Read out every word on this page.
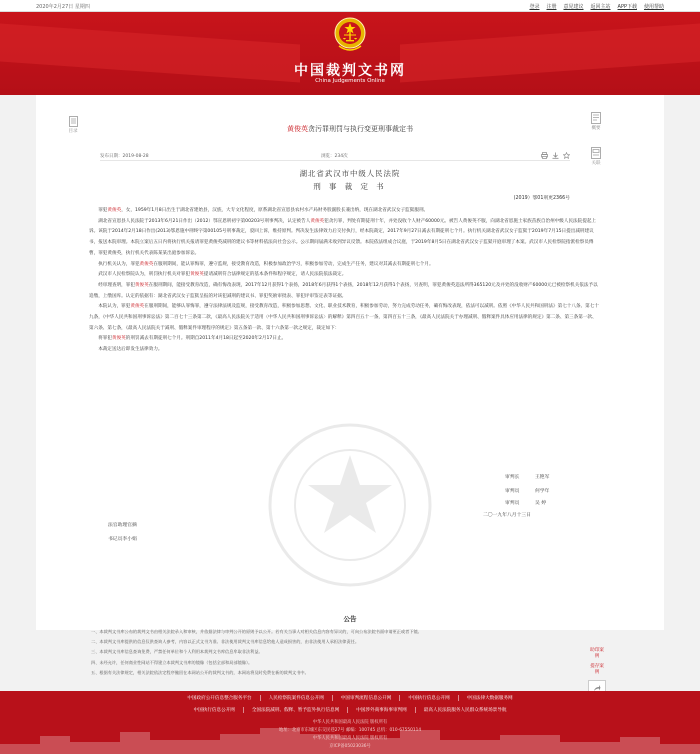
2020年2月27日 星期四	登录 注册 意见建议 返回主站 APP下载 使用帮助
中国裁判文书网
China Judgements Online
目录
概要
关联
黄俊英贪污罪刑罚与执行变更刑事裁定书
发布日期：2019-08-28	浏览：234次
湖北省武汉市中级人民法院
刑 事 裁 定 书
(2019）鄂01刑更2366号

罪犯黄俊英，女，1959年1月8日出生于湖北省建始县，汉族，大专文化程度，原系湖北省宣恩县农村水产局财务股副股长兼出纳，现在湖北省武汉女子监狱服刑。

湖北省宣恩县人民法院于2013年6月21日作出（2012）鄂宣恩刑初字第00203号刑事判决，认定被告人黄俊英犯贪污罪，判处有期徒刑十年，并处没收个人财产60000元。被告人黄俊英不服，向湖北省恩施土家族苗族自治州中级人民法院提起上诉。该院于2014年2月18日作出(2013)鄂恩施中刑终字第00105号刑事裁定，驳回上诉，维持原判。判决发生法律效力后交付执行，经本院裁定，2017年9月27日减去有期徒刑七个月。执行机关湖北省武汉女子监狱于2019年7月15日提出减刑建议书，报送本院审理。本院立案后五日内将执行机关报请罪犯黄俊英减刑的建议书等材料依法向社会公示。公示期间届满未收到异议反馈。本院依法组成合议庭，于2019年8月5日在湖北省武汉女子监狱开庭审理了本案。武汉市人民检察院指派检察员傅曹，罪犯黄俊英，执行机关代表陈某某出庭参加诉讼。

执行机关认为，罪犯黄俊英在服刑期间，能认罪悔罪，遵守监规，接受教育改造，积极参加政治学习，积极参加劳动，完成生产任务，建议对其减去有期徒刑七个月。

武汉市人民检察院认为，刑罚执行机关对罪犯黄俊英提请减刑符合法律规定的基本条件和程序规定，请人民法院依法裁定。

经审理查明，罪犯黄俊英在服刑期间，能接受教育改造，确有悔改表现，2017年12月获得1个表扬，2018年6月获得1个表扬，2018年12月获得1个表扬，另查明，罪犯黄俊英违法所得365120元及并处的没收财产60000元已被检察机关依法予以追缴，上缴国库。认定的依据有：湖北省武汉女子监狱呈报的对该犯减刑的建议书、罪犯奖励审批表、罪犯评审鉴定表等证据。

本院认为，罪犯黄俊英在服刑期间，能够认罪悔罪，遵守法律法规及监规，接受教育改造，积极参加思想、文化、职业技术教育，积极参加劳动，努力完成劳动任务，确有悔改表现，依法可以减刑。依照《中华人民共和国刑法》第七十八条、第七十九条，《中华人民共和国刑事诉讼法》第二百七十三条第二款，《最高人民法院关于适用〈中华人民共和国刑事诉讼法〉的解释》第四百五十一条，第四百五十三条，《最高人民法院关于办理减刑、假释案件具体应用法律的规定》第二条、第三条第一款、第六条、第七条，《最高人民法院关于减刑、假释案件审理程序的规定》第五条第一款、第十六条第一款之规定，裁定如下：

将罪犯黄俊英的刑罚减去有期徒刑七个月。刑期自2011年4月18日起至2020年2月17日止。

本裁定送达后即发生法律效力。

审判长	王艳军
审判员	何学年
审判员	吴 婷
二〇一九年八月十三日
法官助理官摘
书记员李小娟
公告
一、本裁判文书库公布的裁判文书由相关法院录入和审核，并依据法律与审判公开的原则予以公开。若有关当事人对相关信息内容有异议的，可向公布法院书面申请更正或者下镜。
二、本裁判文书库提供的信息仅供查询人参考，内容以正式文书为准。非法使用裁判文书库信息给他人造成损害的，由非法使用人承担法律责任。
三、本裁判文书库信息查询免费，严禁任何单位和个人利用本裁判文书库信息牟取非法利益。
四、未经允许，任何商业性网站不得建立本裁判文书库的镜像（包括全部和局部镜像）。
五、根据有关法律规定，相关法院依法定程序撤回在本网站公开的裁判文书的，本网站将及时免费在新的裁判文书中。
助印案例
提存案例
中国政府公开信息整合服务平台	人民检察院案件信息公开网	中国审判流程信息公开网	中国执行信息公开网	中国法律大数据服务网
中国执行信息公开网	全国法院减刑、假释、暂予监外执行信息网	中国涉外商事海事审判网	最高人民法院服务人民群众系统场景导航
中华人民共和国最高人民法院 版权所有
地址：北京市东城区东交民巷27号 邮编：100745 总机：010-67550114
中华人民共和国最高人民法院 版权所有
京ICP备05023036号
